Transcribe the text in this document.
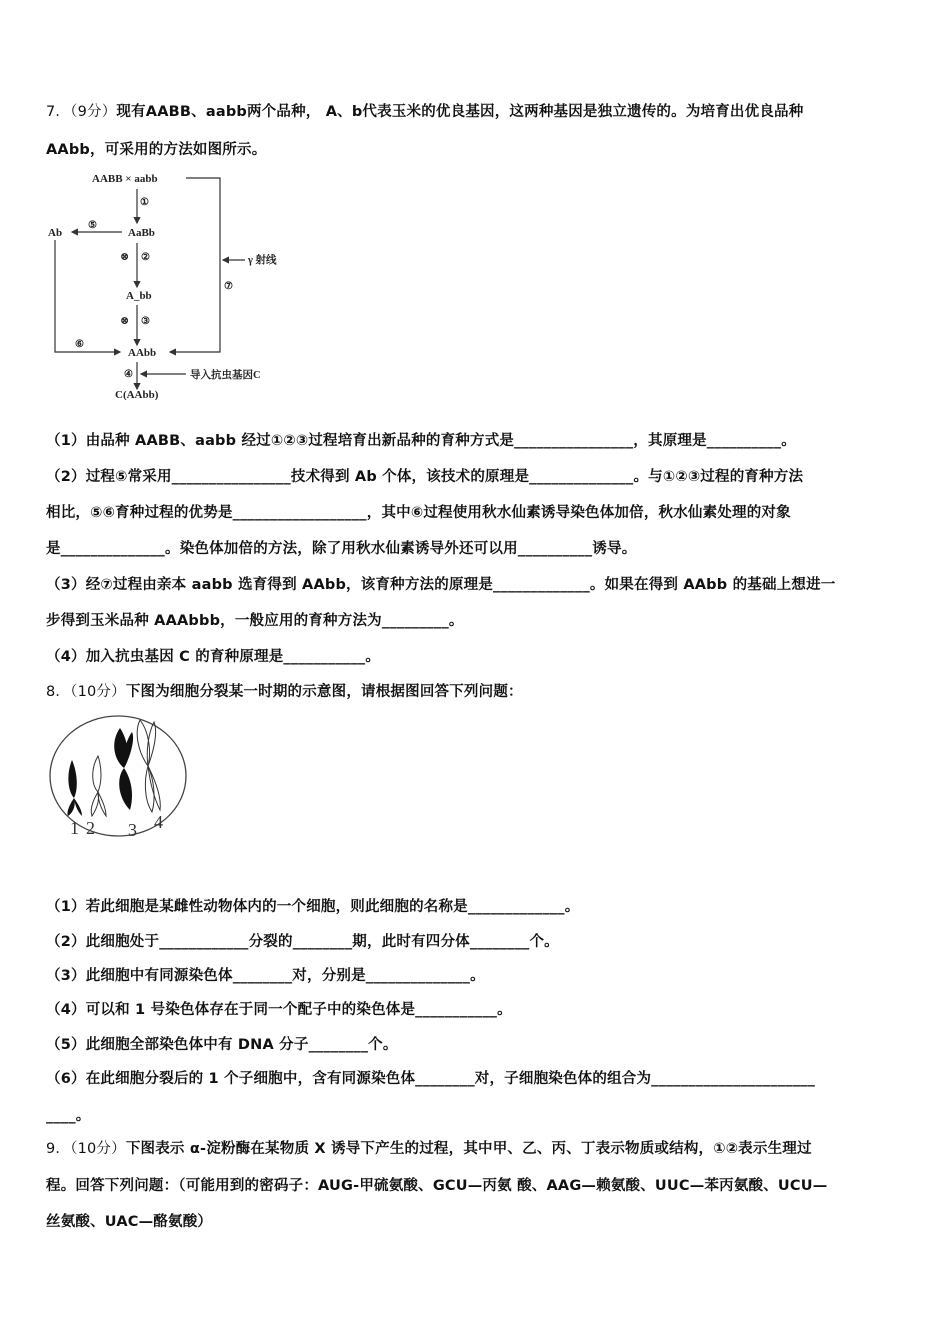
7．（9分）现有AABB、aabb两个品种， A、b代表玉米的优良基因，这两种基因是独立遗传的。为培育出优良品种
AAbb，可采用的方法如图所示。
AABB × aabb
①
AaBb
⑤
Ab
⊗ ②
A_bb
⊗ ③
⑥
AAbb
⑦
γ 射线
④	导入抗虫基因C
C(AAbb)
（1）由品种 AABB、aabb 经过①②③过程培育出新品种的育种方式是________________，其原理是__________。
（2）过程⑤常采用________________技术得到 Ab 个体，该技术的原理是______________。与①②③过程的育种方法
相比，⑤⑥育种过程的优势是__________________，其中⑥过程使用秋水仙素诱导染色体加倍，秋水仙素处理的对象
是______________。染色体加倍的方法，除了用秋水仙素诱导外还可以用__________诱导。
（3）经⑦过程由亲本 aabb 选育得到 AAbb，该育种方法的原理是_____________。如果在得到 AAbb 的基础上想进一
步得到玉米品种 AAAbbb，一般应用的育种方法为_________。
（4）加入抗虫基因 C 的育种原理是___________。
8．（10分）下图为细胞分裂某一时期的示意图，请根据图回答下列问题：
1 2 3 4
（1）若此细胞是某雌性动物体内的一个细胞，则此细胞的名称是_____________。
（2）此细胞处于____________分裂的________期，此时有四分体________个。
（3）此细胞中有同源染色体________对，分别是______________。
（4）可以和 1 号染色体存在于同一个配子中的染色体是___________。
（5）此细胞全部染色体中有 DNA 分子________个。
（6）在此细胞分裂后的 1 个子细胞中，含有同源染色体________对，子细胞染色体的组合为______________________
____。
9．（10分）下图表示 α-淀粉酶在某物质 X 诱导下产生的过程，其中甲、乙、丙、丁表示物质或结构，①②表示生理过
程。回答下列问题：（可能用到的密码子：AUG-甲硫氨酸、GCU—丙氨 酸、AAG—赖氨酸、UUC—苯丙氨酸、UCU—
丝氨酸、UAC—酪氨酸）
